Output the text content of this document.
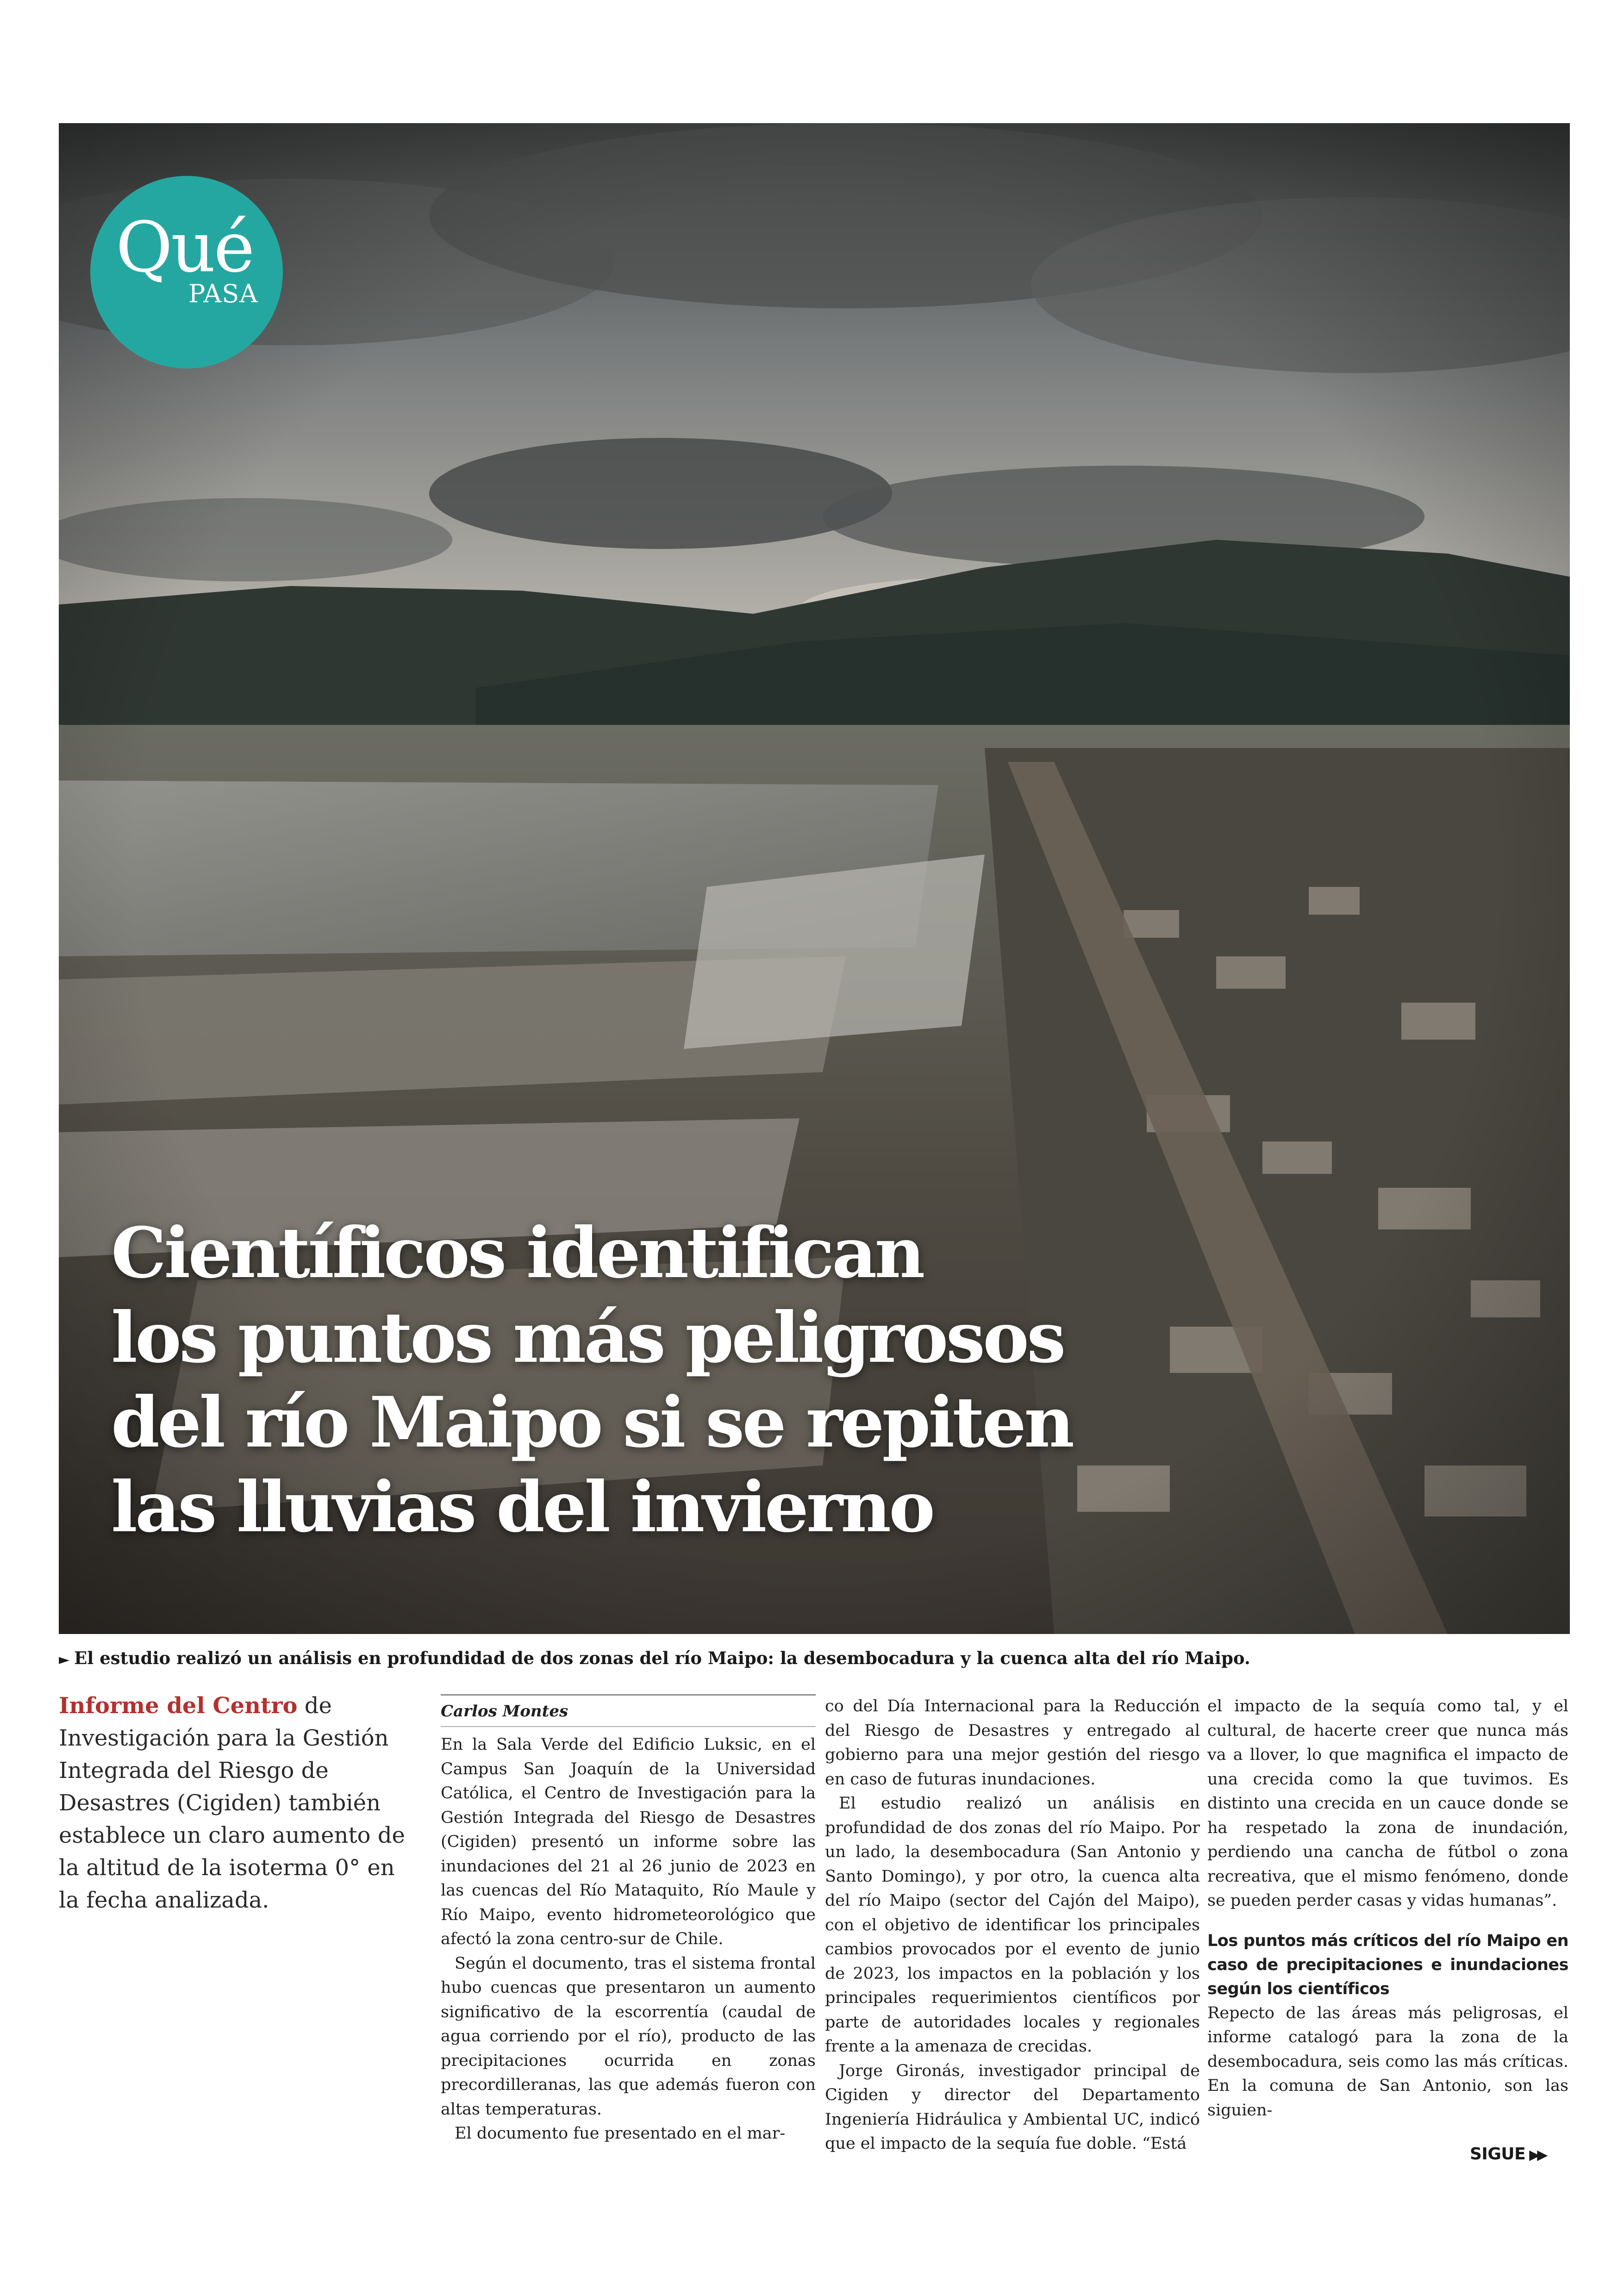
Qué
PASA
Científicos identifican
los puntos más peligrosos
del río Maipo si se repiten
las lluvias del invierno
► El estudio realizó un análisis en profundidad de dos zonas del río Maipo: la desembocadura y la cuenca alta del río Maipo.

Informe del Centro de Investigación para la Gestión Integrada del Riesgo de Desastres (Cigiden) también establece un claro aumento de la altitud de la isoterma 0° en la fecha analizada.

Carlos Montes

En la Sala Verde del Edificio Luksic, en el Campus San Joaquín de la Universidad Católica, el Centro de Investigación para la Gestión Integrada del Riesgo de Desastres (Cigiden) presentó un informe sobre las inundaciones del 21 al 26 junio de 2023 en las cuencas del Río Mataquito, Río Maule y Río Maipo, evento hidrometeorológico que afectó la zona centro-sur de Chile.

Según el documento, tras el sistema frontal hubo cuencas que presentaron un aumento significativo de la escorrentía (caudal de agua corriendo por el río), producto de las precipitaciones ocurrida en zonas precordilleranas, las que además fueron con altas temperaturas.

El documento fue presentado en el mar-

co del Día Internacional para la Reducción del Riesgo de Desastres y entregado al gobierno para una mejor gestión del riesgo en caso de futuras inundaciones.

El estudio realizó un análisis en profundidad de dos zonas del río Maipo. Por un lado, la desembocadura (San Antonio y Santo Domingo), y por otro, la cuenca alta del río Maipo (sector del Cajón del Maipo), con el objetivo de identificar los principales cambios provocados por el evento de junio de 2023, los impactos en la población y los principales requerimientos científicos por parte de autoridades locales y regionales frente a la amenaza de crecidas.

Jorge Gironás, investigador principal de Cigiden y director del Departamento Ingeniería Hidráulica y Ambiental UC, indicó que el impacto de la sequía fue doble. “Está

el impacto de la sequía como tal, y el cultural, de hacerte creer que nunca más va a llover, lo que magnifica el impacto de una crecida como la que tuvimos. Es distinto una crecida en un cauce donde se ha respetado la zona de inundación, perdiendo una cancha de fútbol o zona recreativa, que el mismo fenómeno, donde se pueden perder casas y vidas humanas”.

Los puntos más críticos del río Maipo en caso de precipitaciones e inundaciones según los científicos

Repecto de las áreas más peligrosas, el informe catalogó para la zona de la desembocadura, seis como las más críticas. En la comuna de San Antonio, son las siguien-

SIGUE ▶▶
